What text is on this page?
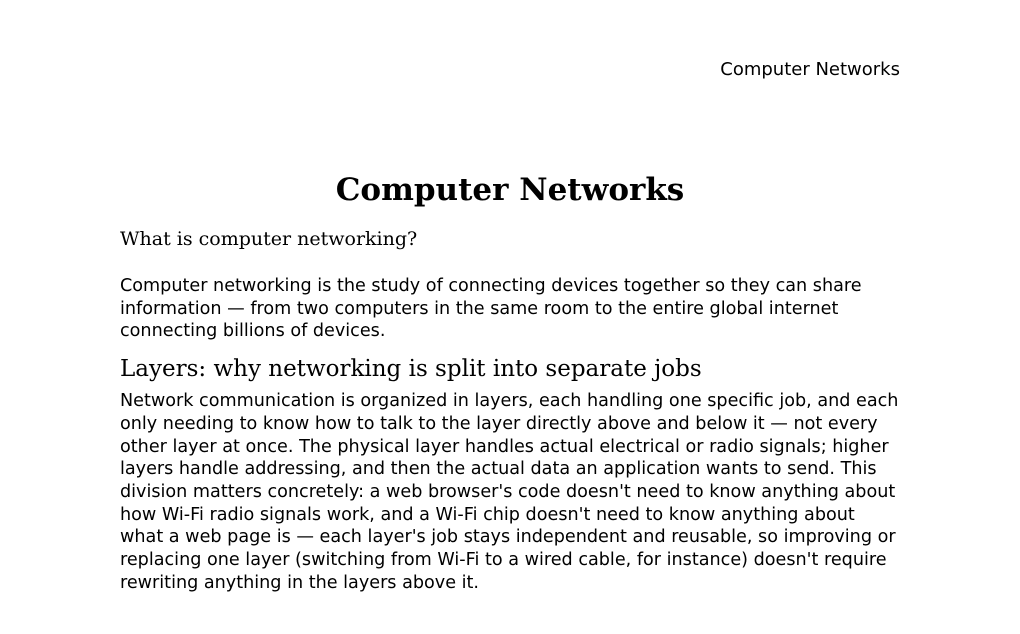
Computer Networks
Computer Networks
What is computer networking?

Computer networking is the study of connecting devices together so they can share information — from two computers in the same room to the entire global internet connecting billions of devices.

Layers: why networking is split into separate jobs

Network communication is organized in layers, each handling one specific job, and each only needing to know how to talk to the layer directly above and below it — not every other layer at once. The physical layer handles actual electrical or radio signals; higher layers handle addressing, and then the actual data an application wants to send. This division matters concretely: a web browser's code doesn't need to know anything about how Wi-Fi radio signals work, and a Wi-Fi chip doesn't need to know anything about what a web page is — each layer's job stays independent and reusable, so improving or replacing one layer (switching from Wi-Fi to a wired cable, for instance) doesn't require rewriting anything in the layers above it.
